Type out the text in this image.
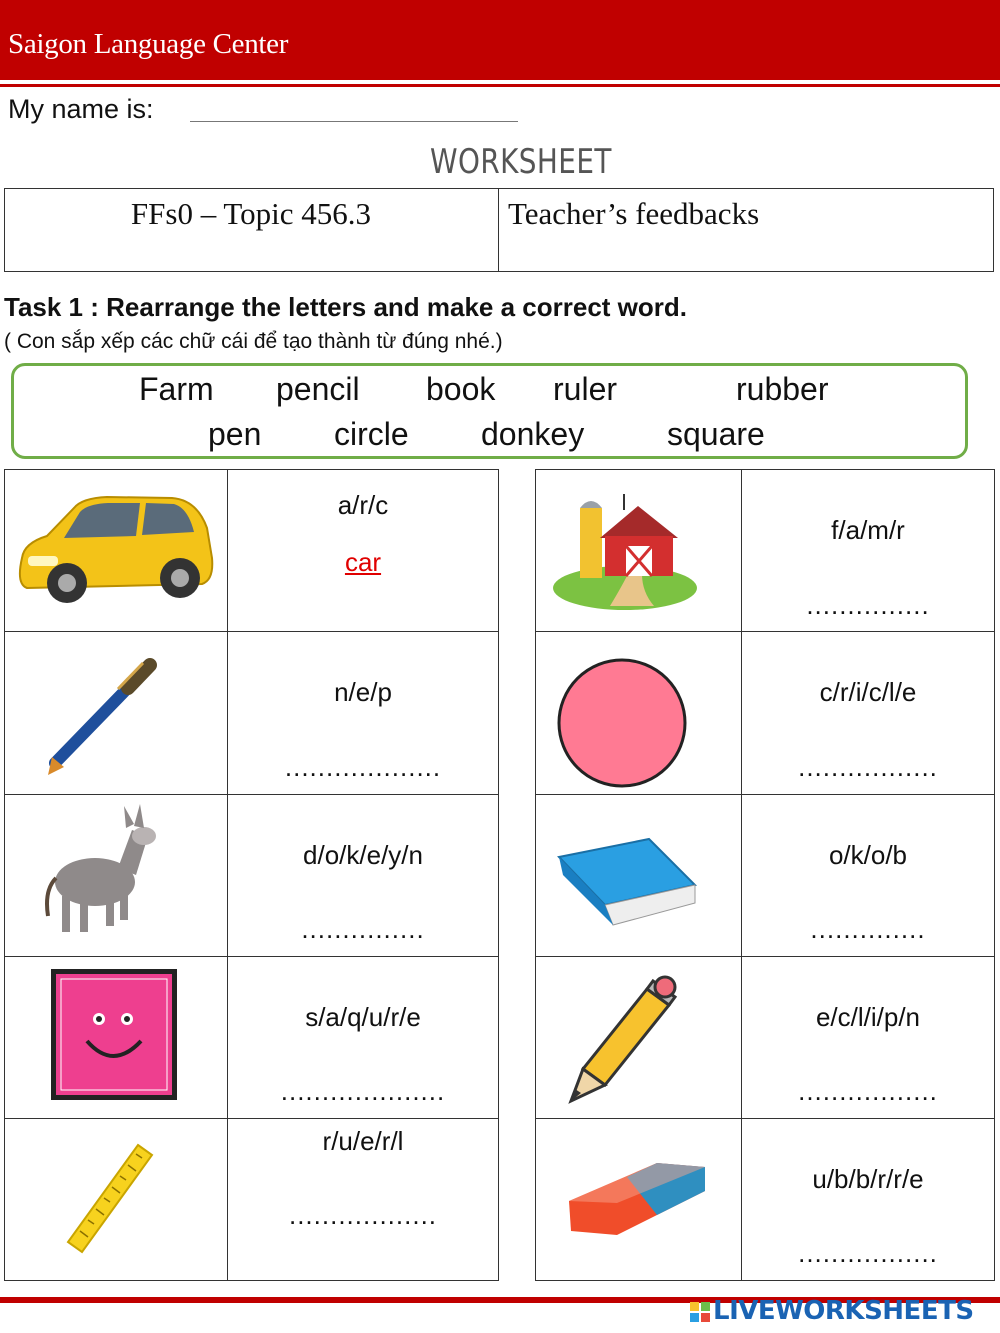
Saigon Language Center
My name is:
WORKSHEET
FFs0 – Topic 456.3	Teacher’s feedbacks
Task 1 : Rearrange the letters and make a correct word.
( Con sắp xếp các chữ cái để tạo thành từ đúng nhé.)
Farm pencil book ruler	rubber
pen circle donkey	square
a/r/c
car
n/e/p
...................
d/o/k/e/y/n
...............
s/a/q/u/r/e
....................
r/u/e/r/l
..................
f/a/m/r
...............
c/r/i/c/l/e
.................
o/k/o/b
..............
e/c/l/i/p/n
.................
u/b/b/r/r/e
.................
LIVEWORKSHEETS
